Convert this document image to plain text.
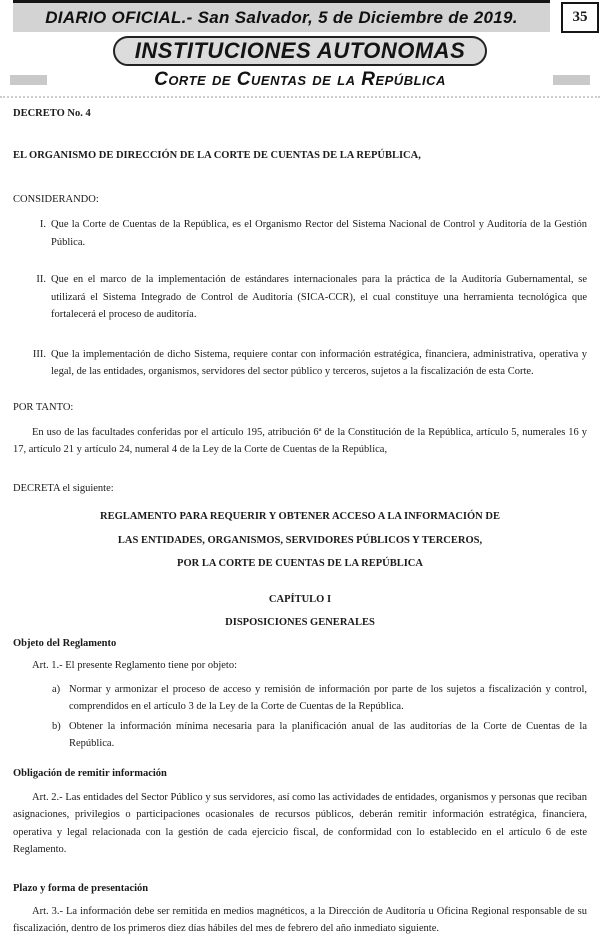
DIARIO OFICIAL.- San Salvador, 5 de Diciembre de 2019.	35
INSTITUCIONES AUTONOMAS
Corte de Cuentas de la República

DECRETO No. 4

EL ORGANISMO DE DIRECCIÓN DE LA CORTE DE CUENTAS DE LA REPÚBLICA,

CONSIDERANDO:

I. Que la Corte de Cuentas de la República, es el Organismo Rector del Sistema Nacional de Control y Auditoría de la Gestión Pública.
II. Que en el marco de la implementación de estándares internacionales para la práctica de la Auditoría Gubernamental, se utilizará el Sistema Integrado de Control de Auditoría (SICA-CCR), el cual constituye una herramienta tecnológica que fortalecerá el proceso de auditoría.
III. Que la implementación de dicho Sistema, requiere contar con información estratégica, financiera, administrativa, operativa y legal, de las entidades, organismos, servidores del sector público y terceros, sujetos a la fiscalización de esta Corte.

POR TANTO:

En uso de las facultades conferidas por el artículo 195, atribución 6ª de la Constitución de la República, artículo 5, numerales 16 y 17, artículo 21 y artículo 24, numeral 4 de la Ley de la Corte de Cuentas de la República,

DECRETA el siguiente:

REGLAMENTO PARA REQUERIR Y OBTENER ACCESO A LA INFORMACIÓN DE

LAS ENTIDADES, ORGANISMOS, SERVIDORES PÚBLICOS Y TERCEROS,

POR LA CORTE DE CUENTAS DE LA REPÚBLICA

CAPÍTULO I

DISPOSICIONES GENERALES

Objeto del Reglamento

Art. 1.- El presente Reglamento tiene por objeto:

a) Normar y armonizar el proceso de acceso y remisión de información por parte de los sujetos a fiscalización y control, comprendidos en el artículo 3 de la Ley de la Corte de Cuentas de la República.
b) Obtener la información mínima necesaria para la planificación anual de las auditorías de la Corte de Cuentas de la República.

Obligación de remitir información

Art. 2.- Las entidades del Sector Público y sus servidores, así como las actividades de entidades, organismos y personas que reciban asignaciones, privilegios o participaciones ocasionales de recursos públicos, deberán remitir información estratégica, financiera, operativa y legal relacionada con la gestión de cada ejercicio fiscal, de conformidad con lo establecido en el artículo 6 de este Reglamento.

Plazo y forma de presentación

Art. 3.- La información debe ser remitida en medios magnéticos, a la Dirección de Auditoría u Oficina Regional responsable de su fiscalización, dentro de los primeros diez días hábiles del mes de febrero del año inmediato siguiente.
